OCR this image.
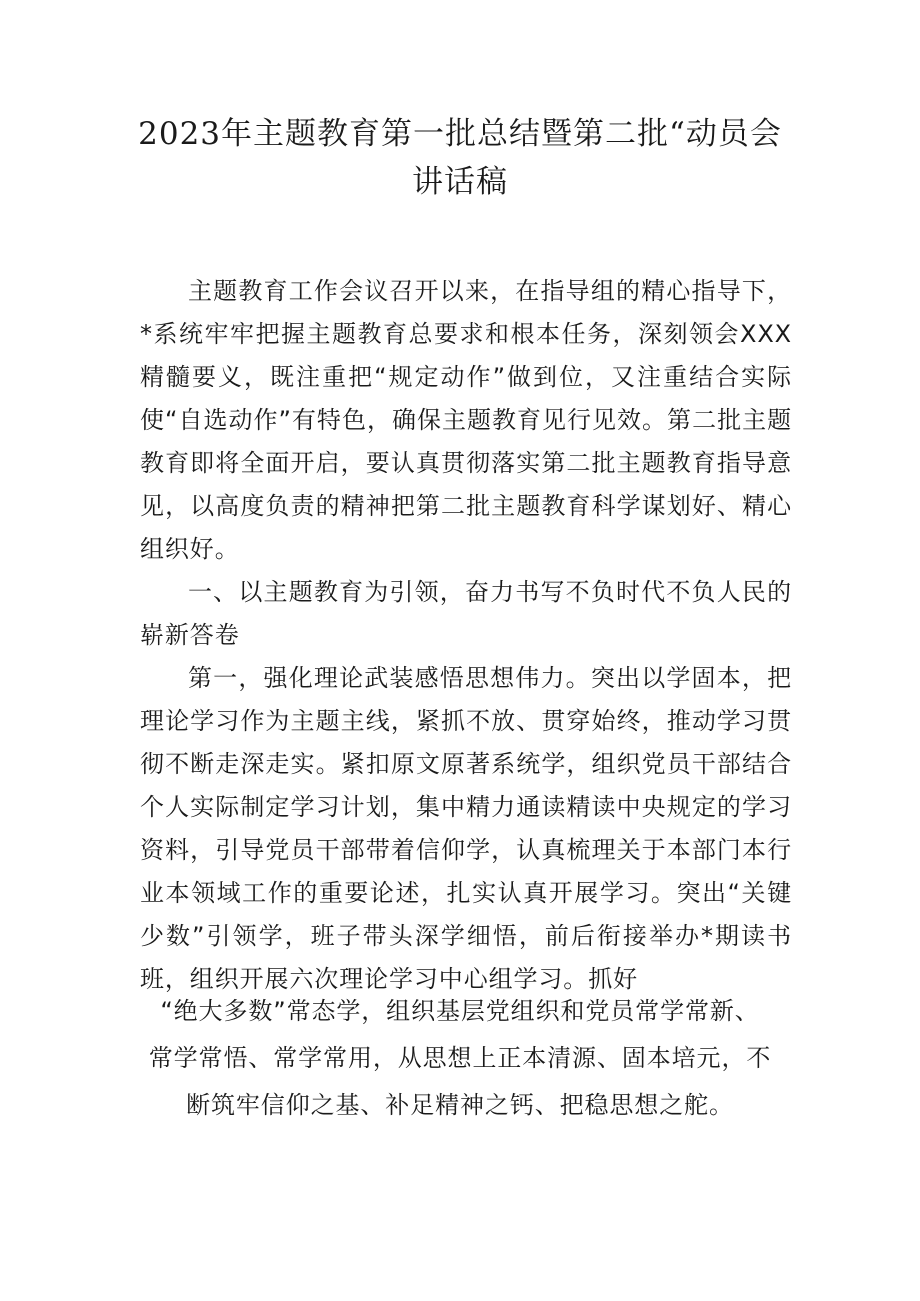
2023年主题教育第一批总结暨第二批“动员会讲话稿

主题教育工作会议召开以来，在指导组的精心指导下，*系统牢牢把握主题教育总要求和根本任务，深刻领会XXX精髓要义，既注重把“规定动作”做到位，又注重结合实际使“自选动作”有特色，确保主题教育见行见效。第二批主题教育即将全面开启，要认真贯彻落实第二批主题教育指导意见，以高度负责的精神把第二批主题教育科学谋划好、精心组织好。

一、以主题教育为引领，奋力书写不负时代不负人民的崭新答卷

第一，强化理论武装感悟思想伟力。突出以学固本，把理论学习作为主题主线，紧抓不放、贯穿始终，推动学习贯彻不断走深走实。紧扣原文原著系统学，组织党员干部结合个人实际制定学习计划，集中精力通读精读中央规定的学习资料，引导党员干部带着信仰学，认真梳理关于本部门本行业本领域工作的重要论述，扎实认真开展学习。突出“关键少数”引领学，班子带头深学细悟，前后衔接举办*期读书班，组织开展六次理论学习中心组学习。抓好

“绝大多数”常态学，组织基层党组织和党员常学常新、

常学常悟、常学常用，从思想上正本清源、固本培元，不

断筑牢信仰之基、补足精神之钙、把稳思想之舵。
